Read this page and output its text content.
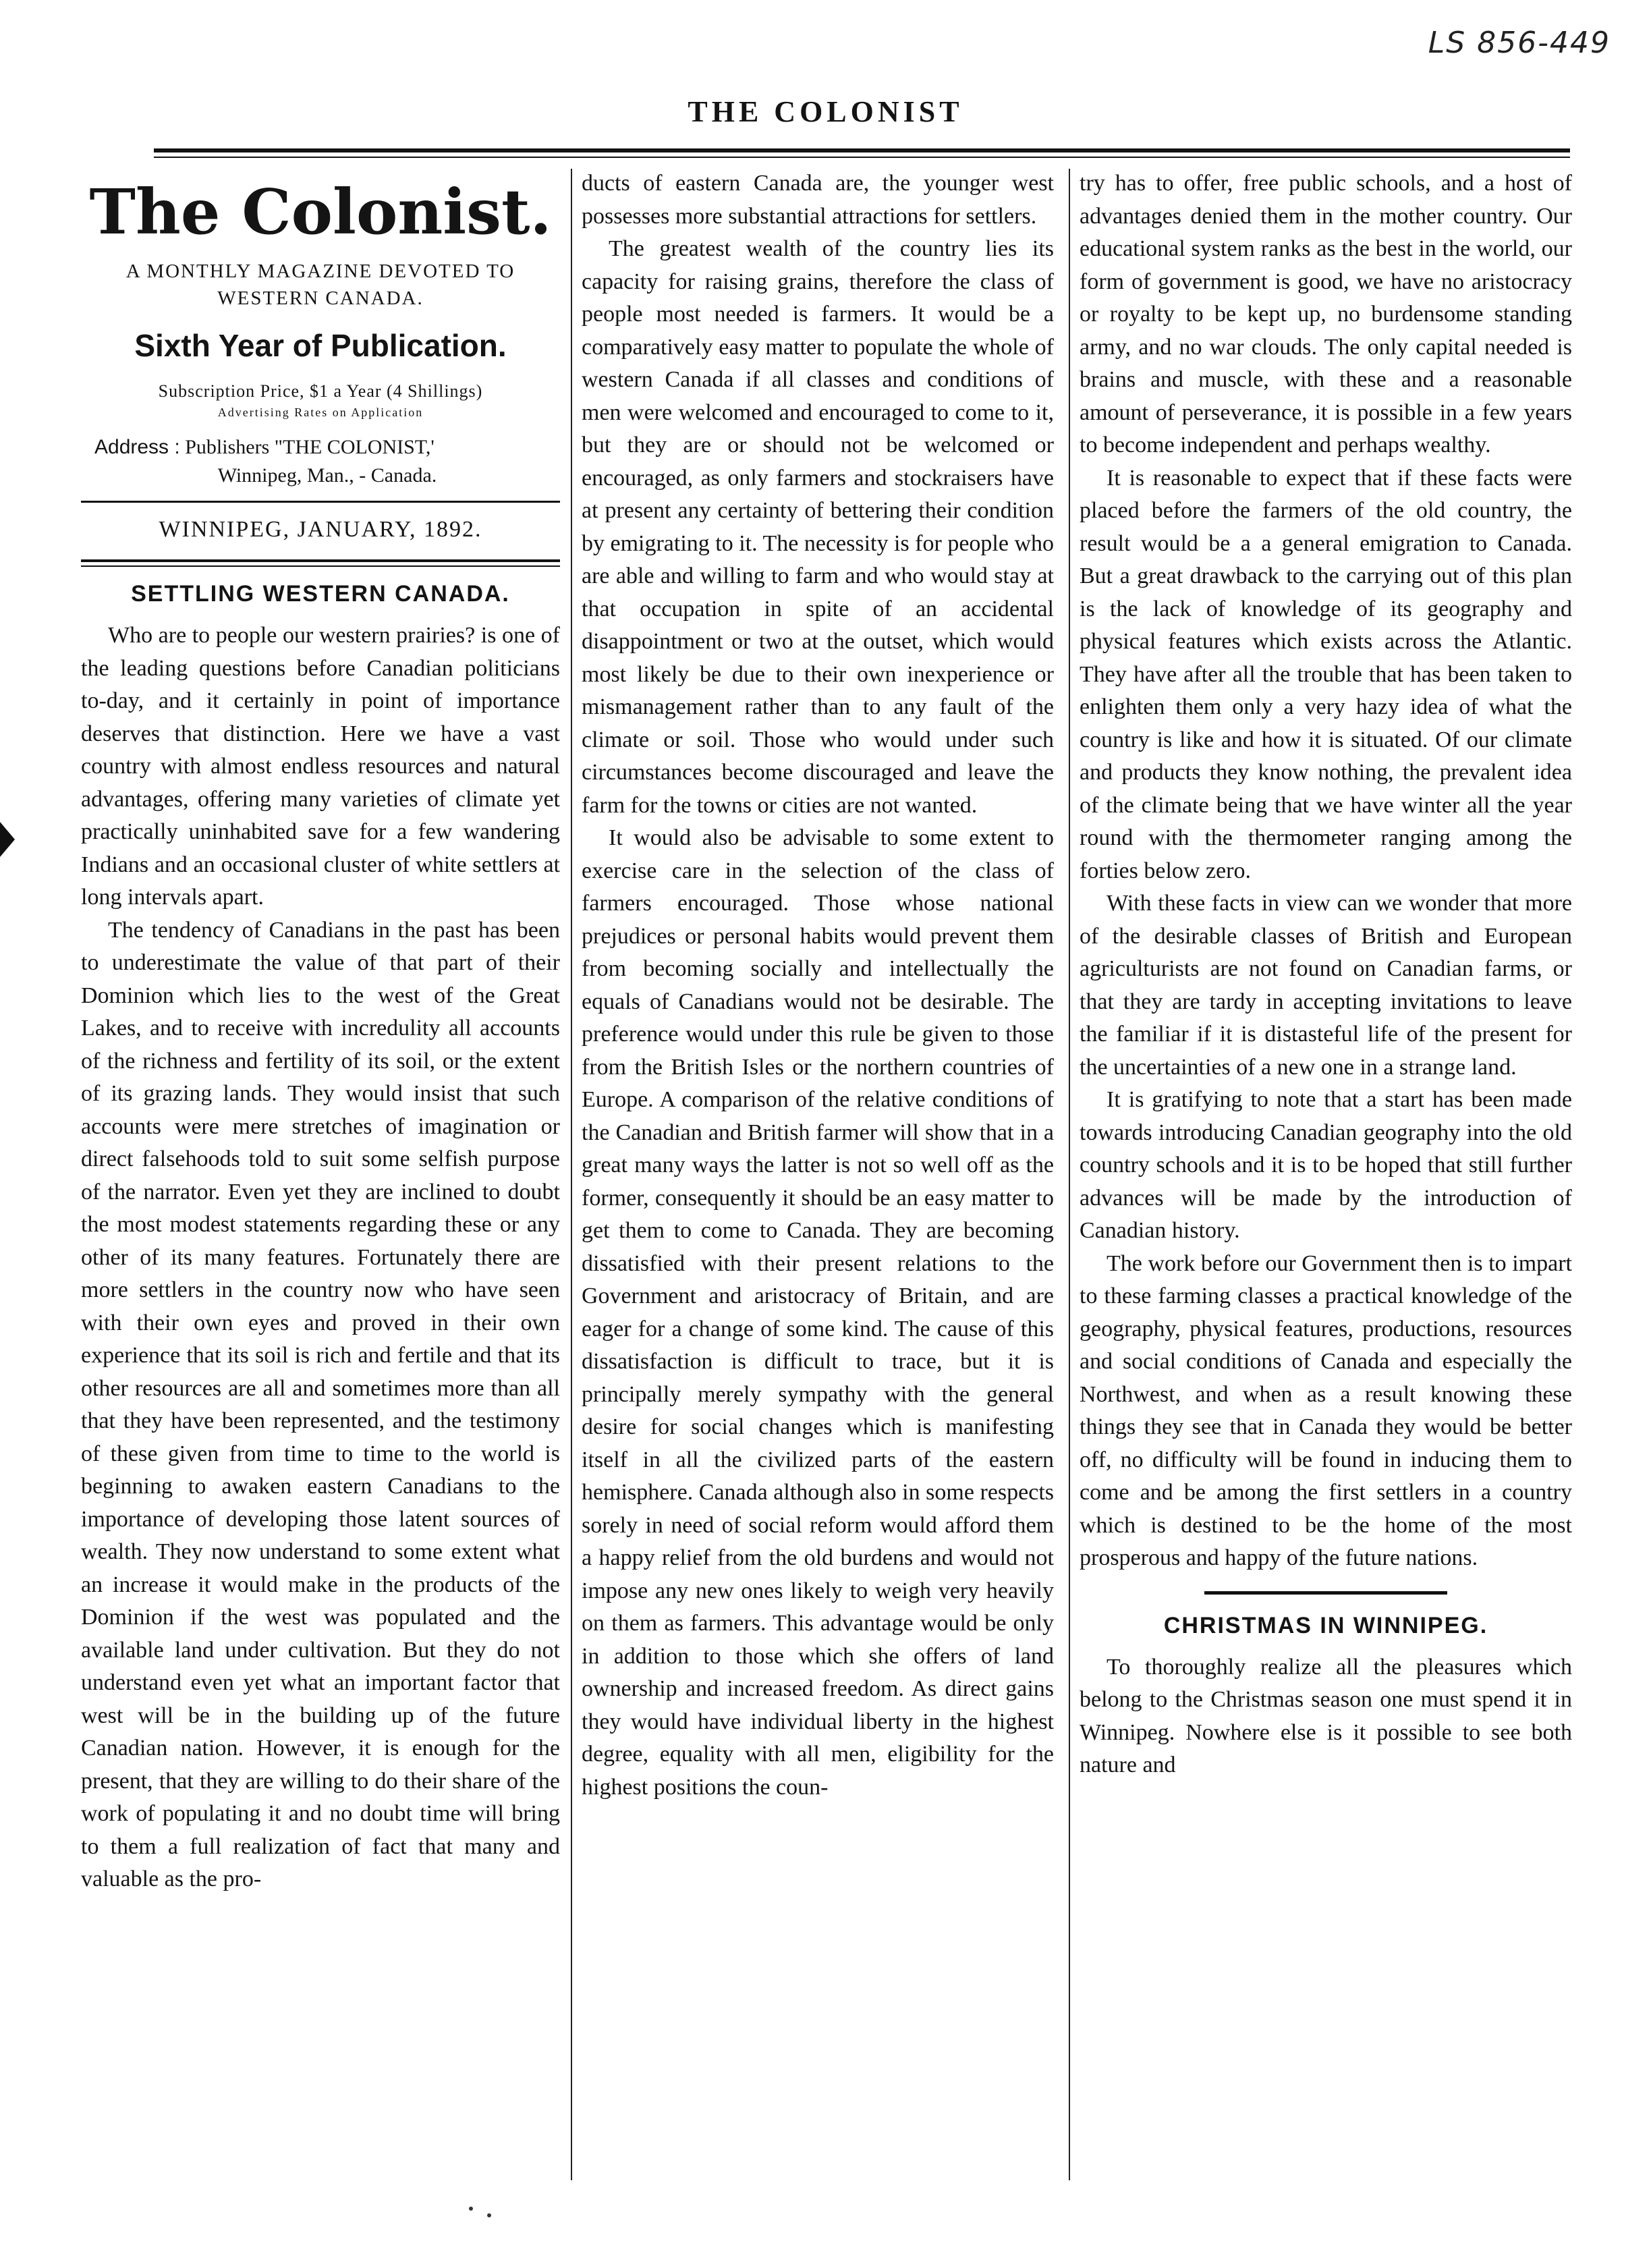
LS 856-449
THE COLONIST
The Colonist.
A MONTHLY MAGAZINE DEVOTED TO WESTERN CANADA.
Sixth Year of Publication.
Subscription Price, $1 a Year (4 Shillings)
Advertising Rates on Application
Address : Publishers "THE COLONIST,'
Winnipeg, Man., - Canada.
WINNIPEG, JANUARY, 1892.
SETTLING WESTERN CANADA.

Who are to people our western prairies? is one of the leading questions before Canadian politicians to-day, and it certainly in point of importance deserves that distinction. Here we have a vast country with almost endless resources and natural advantages, offering many varieties of climate yet practically uninhabited save for a few wandering Indians and an occasional cluster of white settlers at long intervals apart.

The tendency of Canadians in the past has been to underestimate the value of that part of their Dominion which lies to the west of the Great Lakes, and to receive with incredulity all accounts of the richness and fertility of its soil, or the extent of its grazing lands. They would insist that such accounts were mere stretches of imagination or direct falsehoods told to suit some selfish purpose of the narrator. Even yet they are inclined to doubt the most modest statements regarding these or any other of its many features. Fortunately there are more settlers in the country now who have seen with their own eyes and proved in their own experience that its soil is rich and fertile and that its other resources are all and sometimes more than all that they have been represented, and the testimony of these given from time to time to the world is beginning to awaken eastern Canadians to the importance of developing those latent sources of wealth. They now understand to some extent what an increase it would make in the products of the Dominion if the west was populated and the available land under cultivation. But they do not understand even yet what an important factor that west will be in the building up of the future Canadian nation. However, it is enough for the present, that they are willing to do their share of the work of populating it and no doubt time will bring to them a full realization of fact that many and valuable as the pro-

ducts of eastern Canada are, the younger west possesses more substantial attractions for settlers.

The greatest wealth of the country lies its capacity for raising grains, therefore the class of people most needed is farmers. It would be a comparatively easy matter to populate the whole of western Canada if all classes and conditions of men were welcomed and encouraged to come to it, but they are or should not be welcomed or encouraged, as only farmers and stockraisers have at present any certainty of bettering their condition by emigrating to it. The necessity is for people who are able and willing to farm and who would stay at that occupation in spite of an accidental disappointment or two at the outset, which would most likely be due to their own inexperience or mismanagement rather than to any fault of the climate or soil. Those who would under such circumstances become discouraged and leave the farm for the towns or cities are not wanted.

It would also be advisable to some extent to exercise care in the selection of the class of farmers encouraged. Those whose national prejudices or personal habits would prevent them from becoming socially and intellectually the equals of Canadians would not be desirable. The preference would under this rule be given to those from the British Isles or the northern countries of Europe. A comparison of the relative conditions of the Canadian and British farmer will show that in a great many ways the latter is not so well off as the former, consequently it should be an easy matter to get them to come to Canada. They are becoming dissatisfied with their present relations to the Government and aristocracy of Britain, and are eager for a change of some kind. The cause of this dissatisfaction is difficult to trace, but it is principally merely sympathy with the general desire for social changes which is manifesting itself in all the civilized parts of the eastern hemisphere. Canada although also in some respects sorely in need of social reform would afford them a happy relief from the old burdens and would not impose any new ones likely to weigh very heavily on them as farmers. This advantage would be only in addition to those which she offers of land ownership and increased freedom. As direct gains they would have individual liberty in the highest degree, equality with all men, eligibility for the highest positions the coun-

try has to offer, free public schools, and a host of advantages denied them in the mother country. Our educational system ranks as the best in the world, our form of government is good, we have no aristocracy or royalty to be kept up, no burdensome standing army, and no war clouds. The only capital needed is brains and muscle, with these and a reasonable amount of perseverance, it is possible in a few years to become independent and perhaps wealthy.

It is reasonable to expect that if these facts were placed before the farmers of the old country, the result would be a a general emigration to Canada. But a great drawback to the carrying out of this plan is the lack of knowledge of its geography and physical features which exists across the Atlantic. They have after all the trouble that has been taken to enlighten them only a very hazy idea of what the country is like and how it is situated. Of our climate and products they know nothing, the prevalent idea of the climate being that we have winter all the year round with the thermometer ranging among the forties below zero.

With these facts in view can we wonder that more of the desirable classes of British and European agriculturists are not found on Canadian farms, or that they are tardy in accepting invitations to leave the familiar if it is distasteful life of the present for the uncertainties of a new one in a strange land.

It is gratifying to note that a start has been made towards introducing Canadian geography into the old country schools and it is to be hoped that still further advances will be made by the introduction of Canadian history.

The work before our Government then is to impart to these farming classes a practical knowledge of the geography, physical features, productions, resources and social conditions of Canada and especially the Northwest, and when as a result knowing these things they see that in Canada they would be better off, no difficulty will be found in inducing them to come and be among the first settlers in a country which is destined to be the home of the most prosperous and happy of the future nations.

CHRISTMAS IN WINNIPEG.

To thoroughly realize all the pleasures which belong to the Christmas season one must spend it in Winnipeg. Nowhere else is it possible to see both nature and
